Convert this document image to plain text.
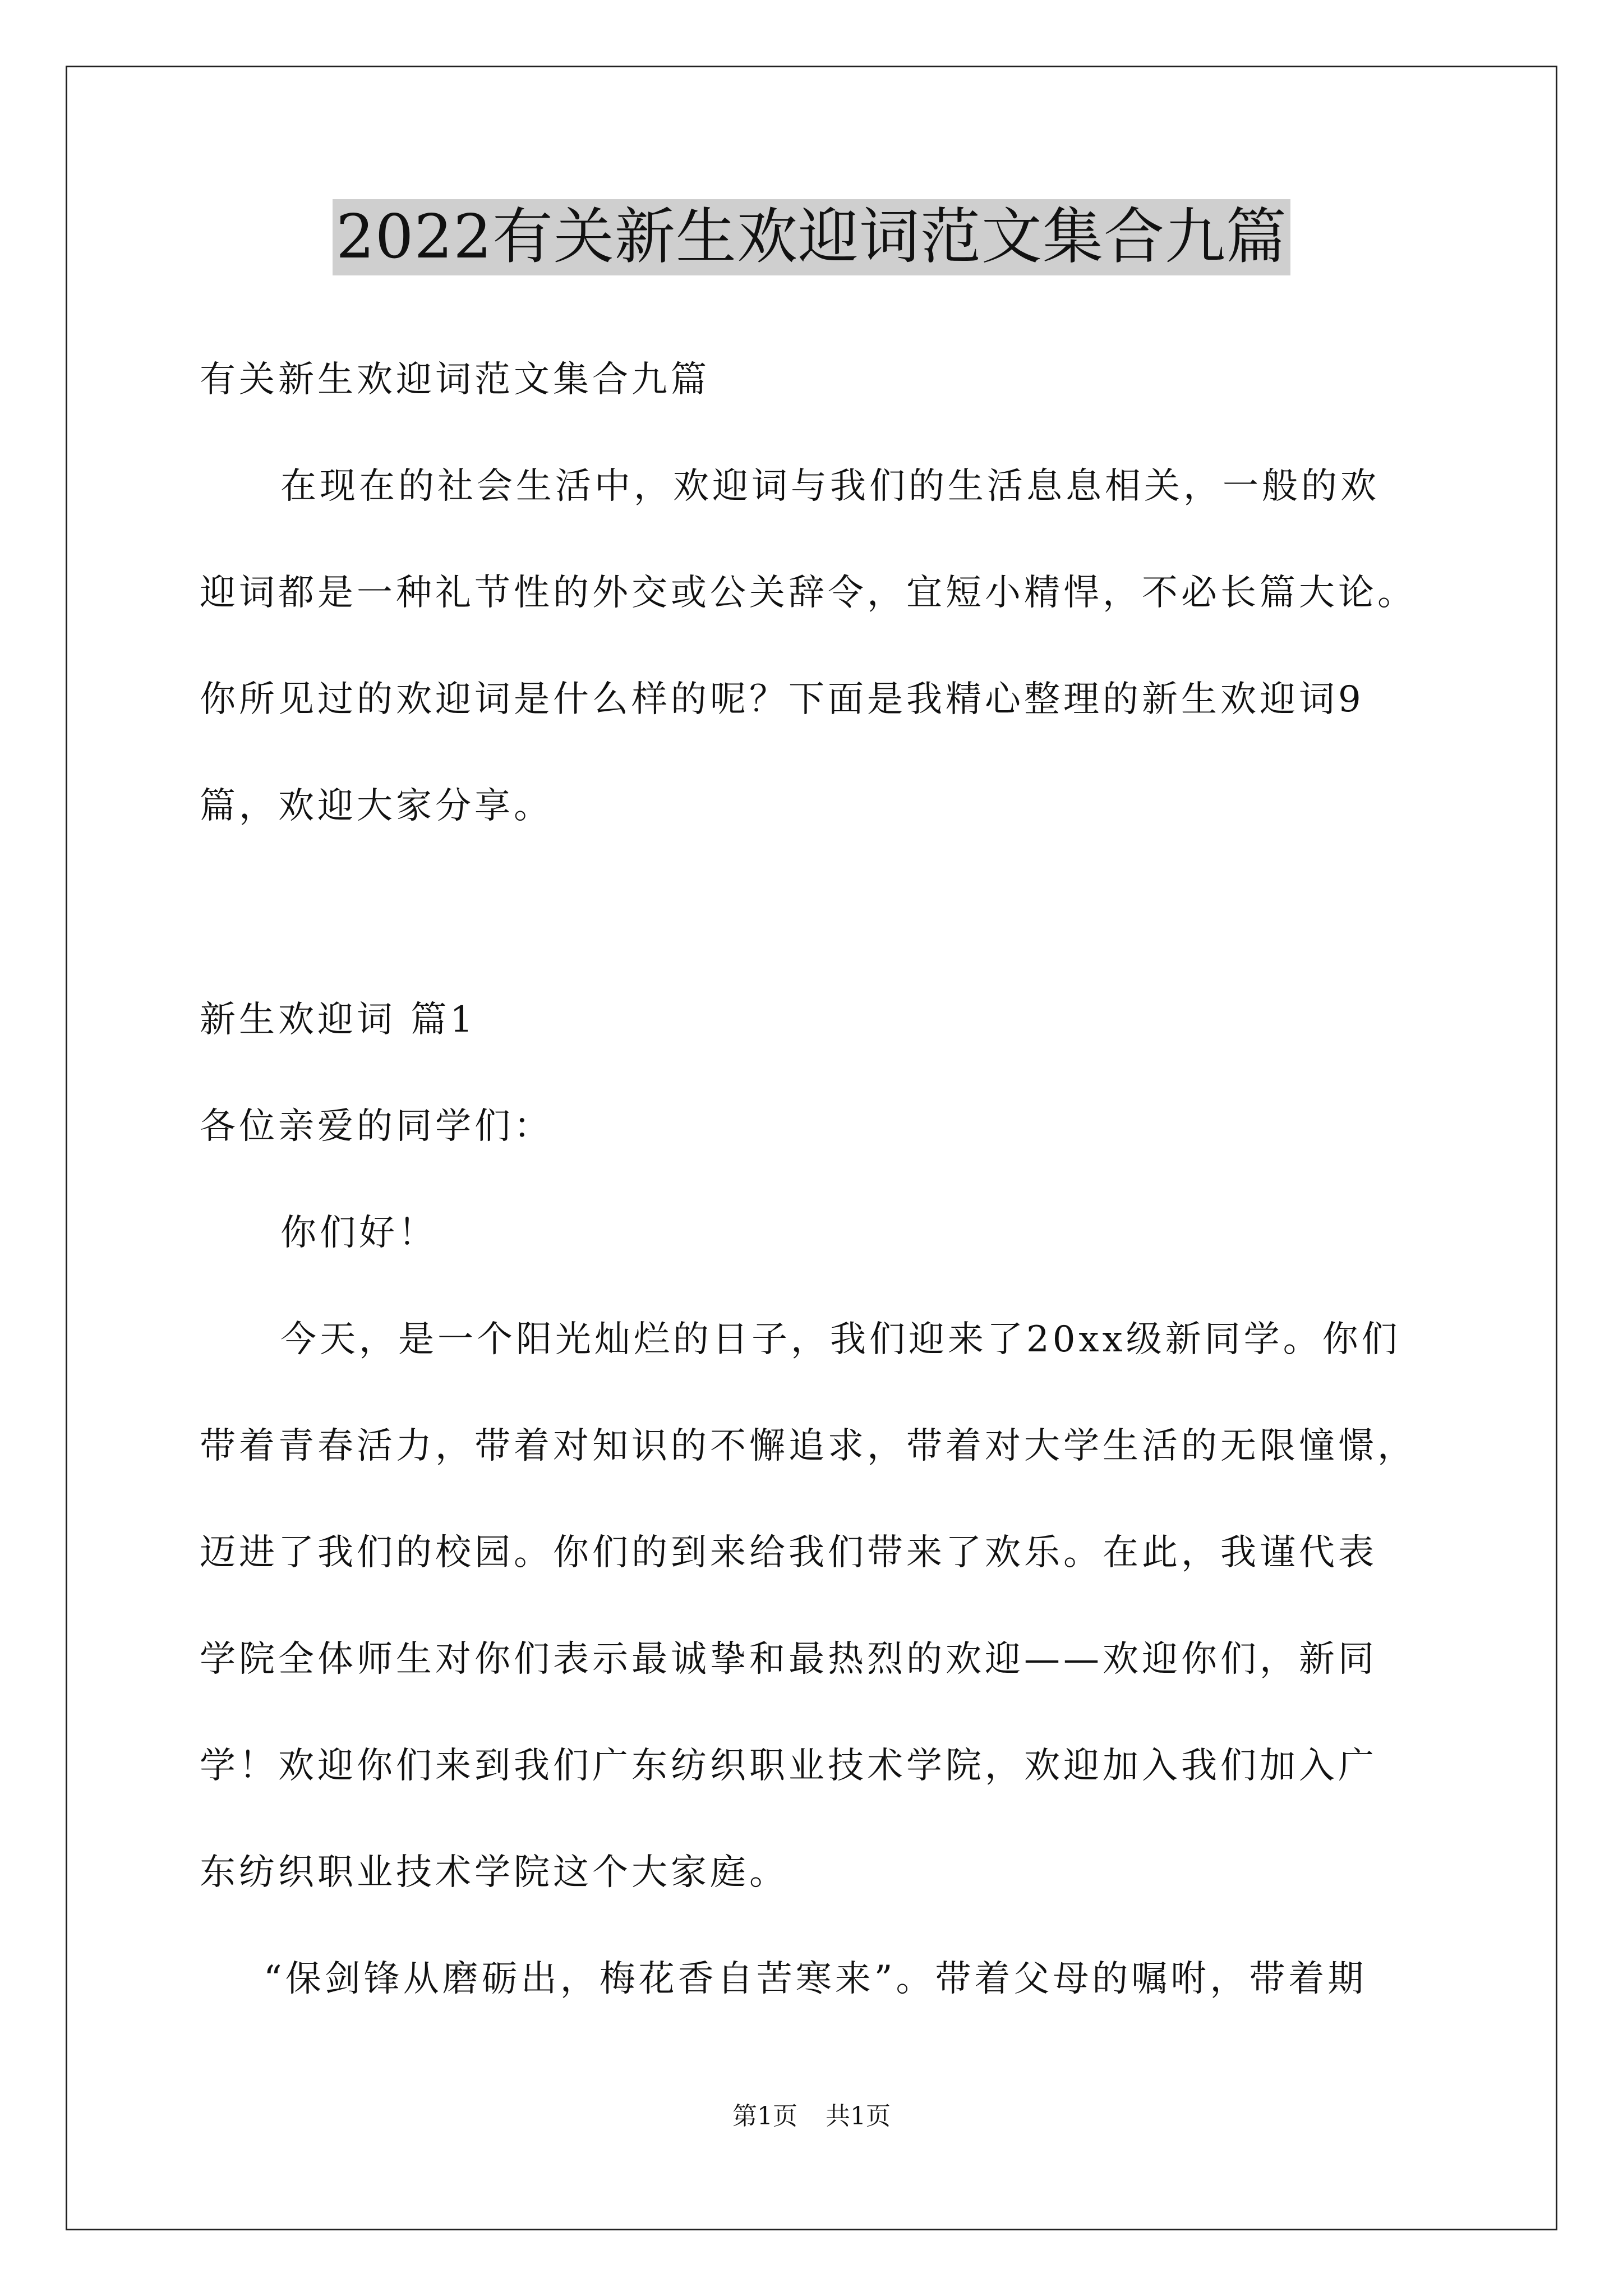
2022有关新生欢迎词范文集合九篇
有关新生欢迎词范文集合九篇
在现在的社会生活中，欢迎词与我们的生活息息相关，一般的欢
迎词都是一种礼节性的外交或公关辞令，宜短小精悍，不必长篇大论。
你所见过的欢迎词是什么样的呢？下面是我精心整理的新生欢迎词9
篇，欢迎大家分享。
新生欢迎词 篇1
各位亲爱的同学们：
你们好！
今天，是一个阳光灿烂的日子，我们迎来了20xx级新同学。你们
带着青春活力，带着对知识的不懈追求，带着对大学生活的无限憧憬，
迈进了我们的校园。你们的到来给我们带来了欢乐。在此，我谨代表
学院全体师生对你们表示最诚挚和最热烈的欢迎——欢迎你们，新同
学！欢迎你们来到我们广东纺织职业技术学院，欢迎加入我们加入广
东纺织职业技术学院这个大家庭。
“保剑锋从磨砺出，梅花香自苦寒来”。带着父母的嘱咐，带着期
第1页 共1页
